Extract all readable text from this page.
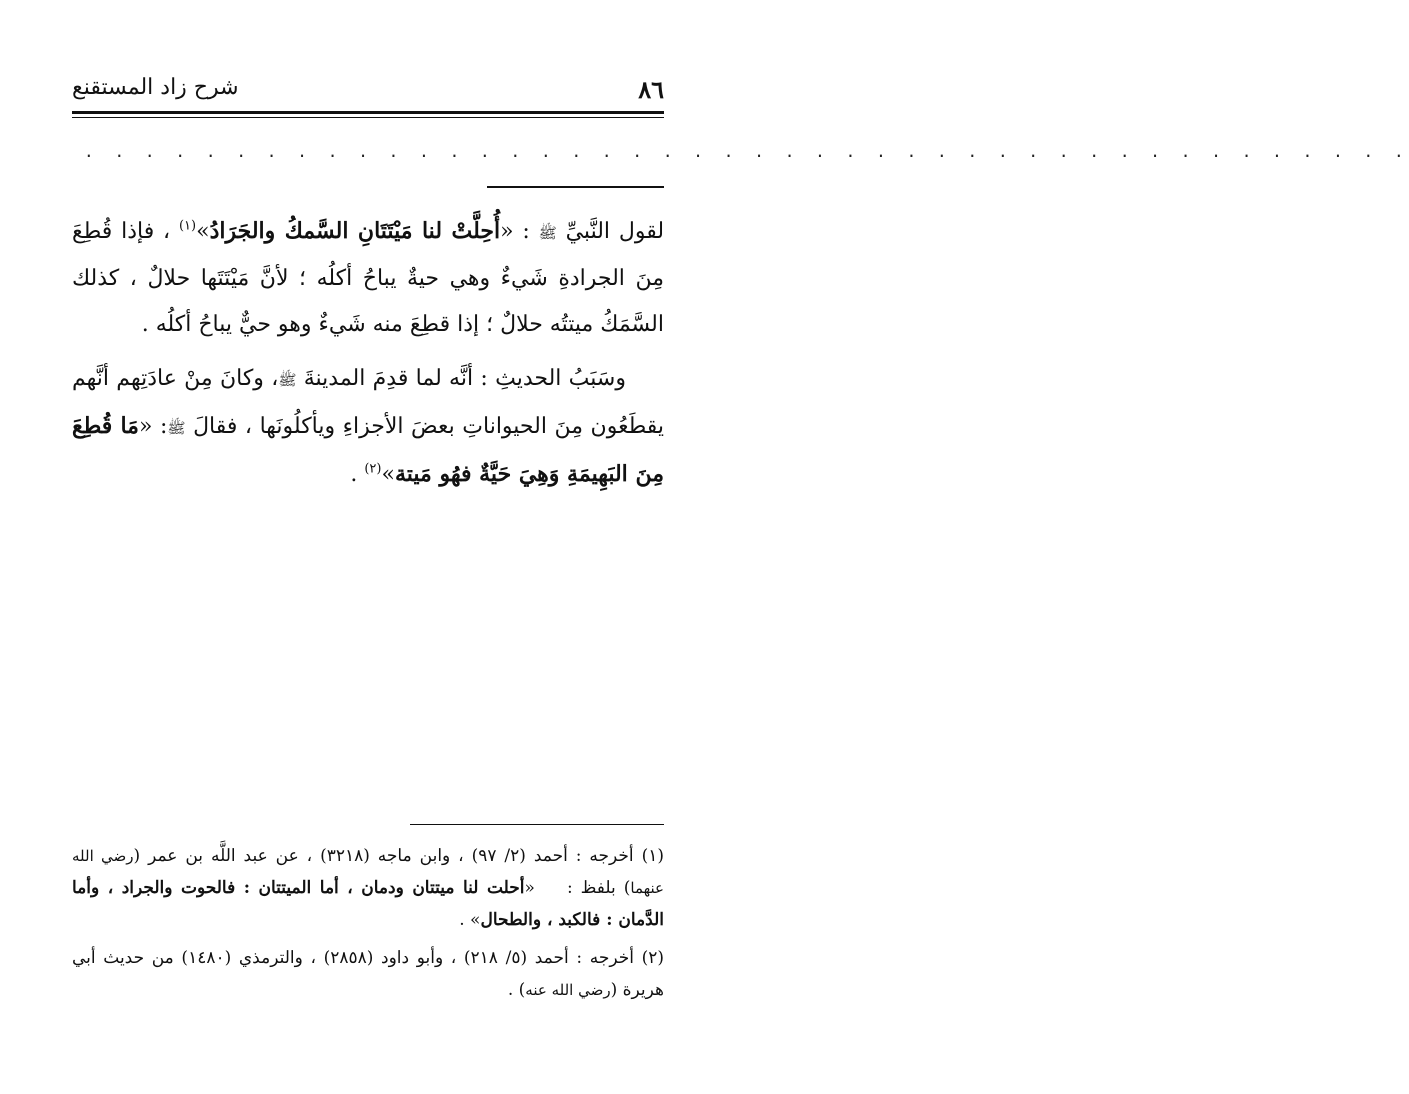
٨٦
شرح زاد المستقنع
. . . . . . . . . . . . . . . . . . . . . . . . . . . . . . . . . . . . . . . . . . . .

لقول النَّبيِّ ﷺ : «أُحِلَّتْ لنا مَيْتَتَانِ السَّمكُ والجَرَادُ»$^{(١)}$ ، فإذا قُطِعَ مِنَ الجرادةِ شَيءٌ وهي حيةٌ يباحُ أكلُه ؛ لأنَّ مَيْتَتَها حلالٌ ، كذلك السَّمَكُ ميتتُه حلالٌ ؛ إذا قطِعَ منه شَيءٌ وهو حيٌّ يباحُ أكلُه .

وسَبَبُ الحديثِ : أنَّه لما قدِمَ المدينةَ ﷺ، وكانَ مِنْ عادَتِهم أنَّهم يقطَعُون مِنَ الحيواناتِ بعضَ الأجزاءِ ويأكلُونَها ، فقالَ ﷺ: «مَا قُطِعَ مِنَ البَهِيمَةِ وَهِيَ حَيَّةٌ فهُو مَيتة»$^{(٢)}$ .

(١) أخرجه : أحمد (٢/ ٩٧) ، وابن ماجه (٣٢١٨) ، عن عبد اللَّه بن عمر (رضي الله عنهما) بلفظ : «أحلت لنا ميتتان ودمان ، أما الميتتان : فالحوت والجراد ، وأما الدَّمان : فالكبد ، والطحال» .

(٢) أخرجه : أحمد (٥/ ٢١٨) ، وأبو داود (٢٨٥٨) ، والترمذي (١٤٨٠) من حديث أبي هريرة (رضي الله عنه) .
